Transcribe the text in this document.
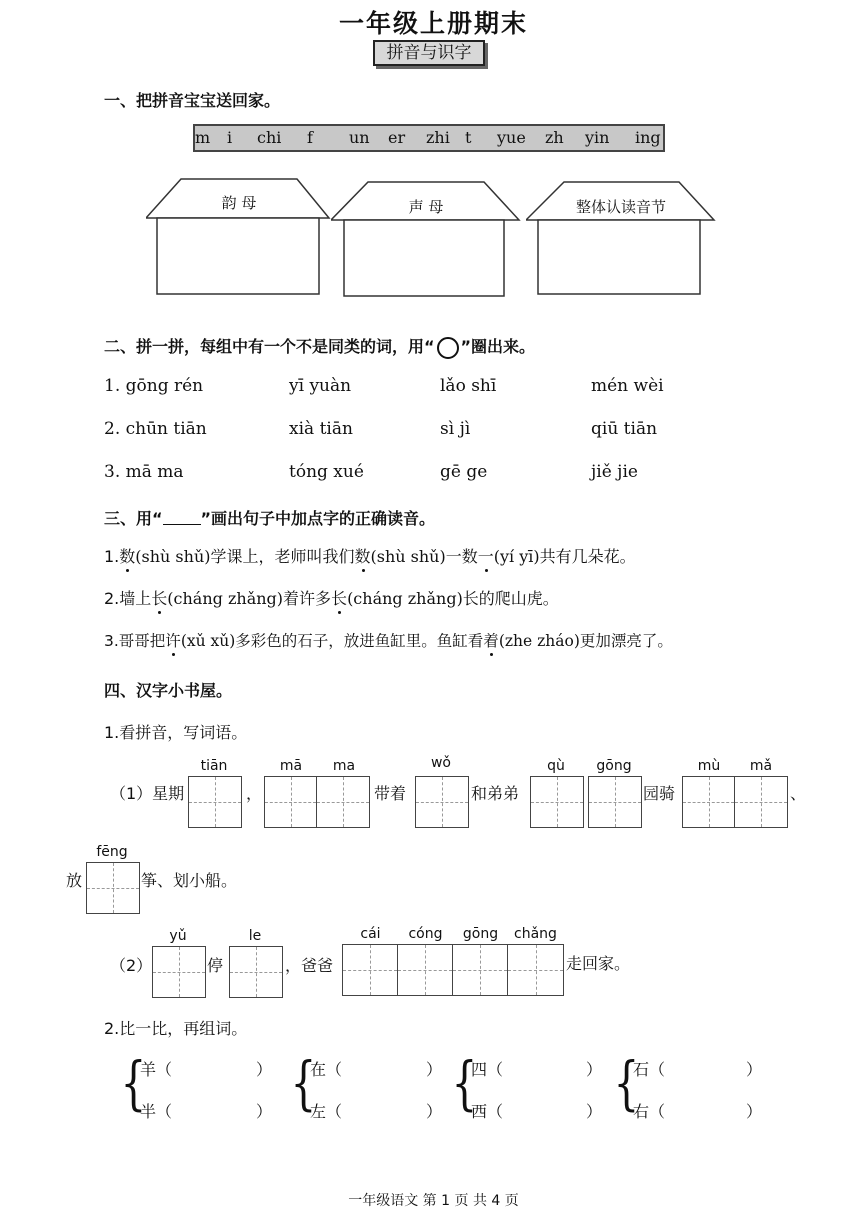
一年级上册期末
拼音与识字
一、把拼音宝宝送回家。
m i chi f un er zhi t yue zh yin ing
韵 母	声 母	整体认读音节
二、拼一拼，每组中有一个不是同类的词，用“ ”圈出来。
1. gōng rén	yī yuàn	lǎo shī	mén wèi
2. chūn tiān	xià tiān	sì jì	qiū tiān
3. mā ma	tóng xué	gē ge	jiě jie
三、用“ ”画出句子中加点字的正确读音。
1.数(shù shǔ)学课上，老师叫我们数(shù shǔ)一数一(yí yī)共有几朵花。
2.墙上长(cháng zhǎng)着许多长(cháng zhǎng)长的爬山虎。
3.哥哥把许(xǔ xǔ)多彩色的石子，放进鱼缸里。鱼缸看着(zhe zháo)更加漂亮了。
四、汉字小书屋。
1.看拼音，写词语。
（1）星期
tiān
，
mā	ma
带着
wǒ
和弟弟
qù	gōng
园骑
mù	mǎ
、
放
fēng
筝、划小船。
（2）
yǔ
停
le
，爸爸
cái	cóng	gōng	chǎng
走回家。
2.比一比，再组词。
{
羊（	）
半（	） {
在（	）
左（	） {
四（	）
西（	） {
石（	）
右（	）
一年级语文 第 1 页 共 4 页
